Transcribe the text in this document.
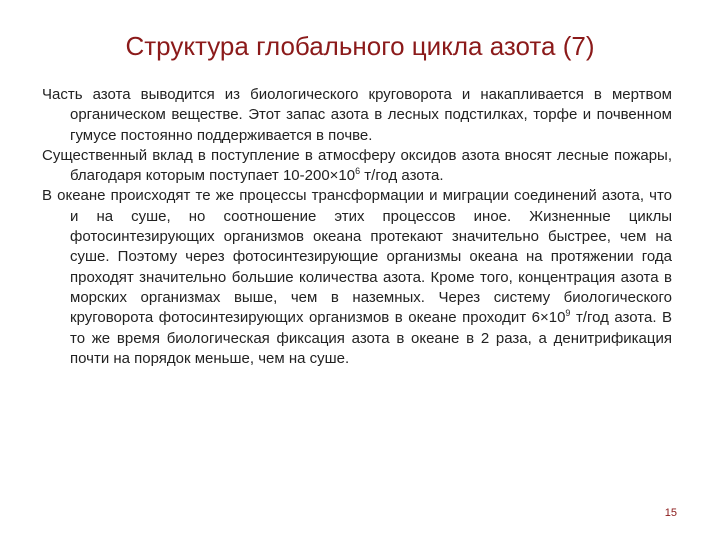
Структура глобального цикла азота (7)

Часть азота выводится из биологического круговорота и накапливается в мертвом органическом веществе. Этот запас азота в лесных подстилках, торфе и почвенном гумусе постоянно поддерживается в почве.

Существенный вклад в поступление в атмосферу оксидов азота вносят лесные пожары, благодаря которым поступает $10-200\times 10^6$ т/год азота.

В океане происходят те же процессы трансформации и миграции соединений азота, что и на суше, но соотношение этих процессов иное. Жизненные циклы фотосинтезирующих организмов океана протекают значительно быстрее, чем на суше. Поэтому через фотосинтезирующие организмы океана на протяжении года проходят значительно большие количества азота. Кроме того, концентрация азота в морских организмах выше, чем в наземных. Через систему биологического круговорота фотосинтезирующих организмов в океане проходит $6\times 10^9$ т/год азота. В то же время биологическая фиксация азота в океане в 2 раза, а денитрификация почти на порядок меньше, чем на суше.

15
